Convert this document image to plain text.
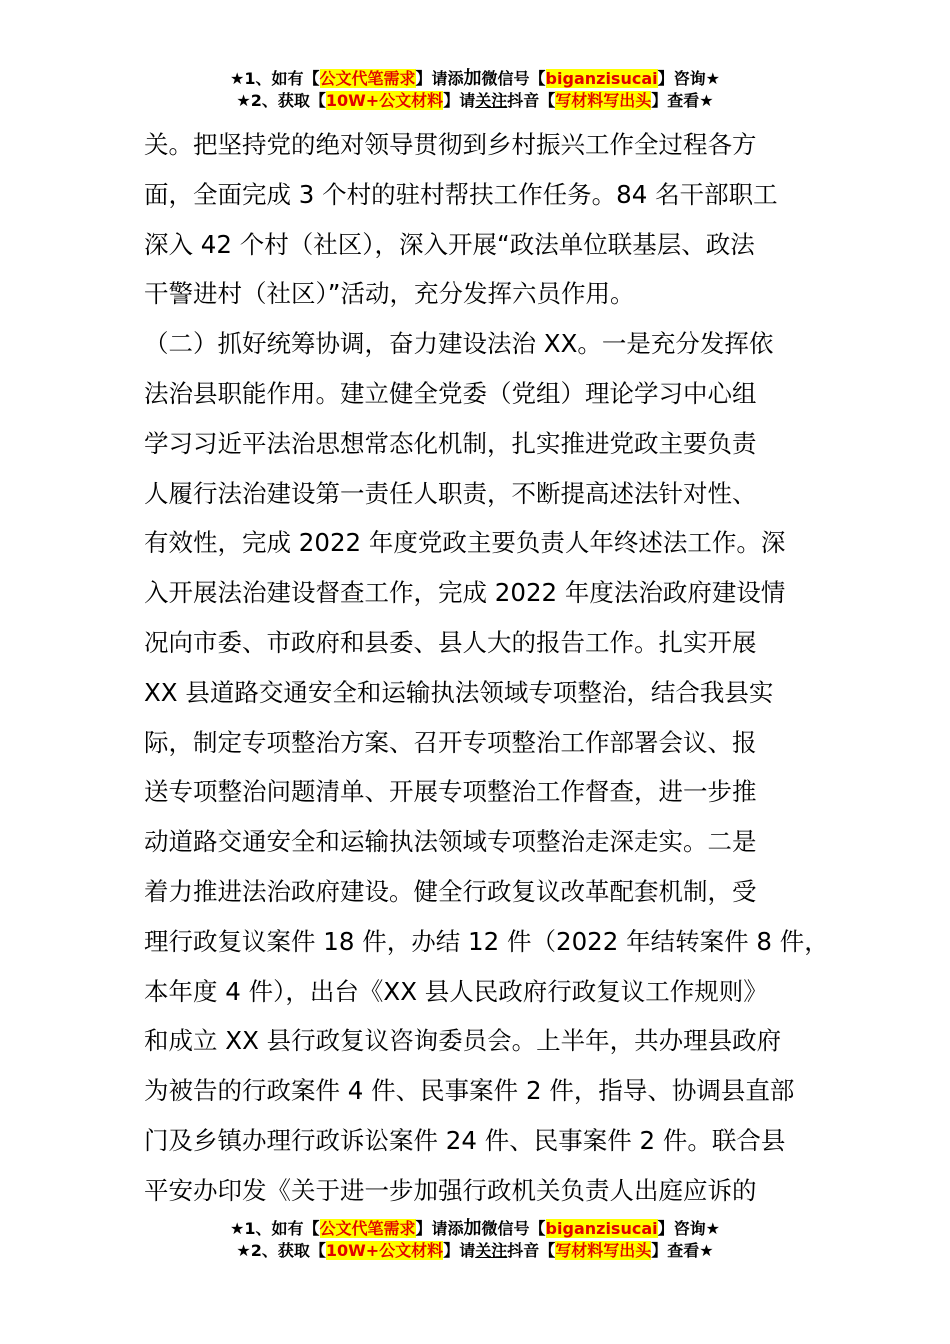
★1、如有【公文代笔需求】请添加微信号【biganzisucai】咨询★
★2、获取【10W+公文材料】请关注抖音【写材料写出头】查看★
关。把坚持党的绝对领导贯彻到乡村振兴工作全过程各方
面，全面完成 3 个村的驻村帮扶工作任务。84 名干部职工
深入 42 个村（社区），深入开展“政法单位联基层、政法
干警进村（社区）”活动，充分发挥六员作用。
（二）抓好统筹协调，奋力建设法治 XX。一是充分发挥依
法治县职能作用。建立健全党委（党组）理论学习中心组
学习习近平法治思想常态化机制，扎实推进党政主要负责
人履行法治建设第一责任人职责，不断提高述法针对性、
有效性，完成 2022 年度党政主要负责人年终述法工作。深
入开展法治建设督查工作，完成 2022 年度法治政府建设情
况向市委、市政府和县委、县人大的报告工作。扎实开展
XX 县道路交通安全和运输执法领域专项整治，结合我县实
际，制定专项整治方案、召开专项整治工作部署会议、报
送专项整治问题清单、开展专项整治工作督查，进一步推
动道路交通安全和运输执法领域专项整治走深走实。二是
着力推进法治政府建设。健全行政复议改革配套机制，受
理行政复议案件 18 件，办结 12 件（2022 年结转案件 8 件，
本年度 4 件），出台《XX 县人民政府行政复议工作规则》
和成立 XX 县行政复议咨询委员会。上半年，共办理县政府
为被告的行政案件 4 件、民事案件 2 件，指导、协调县直部
门及乡镇办理行政诉讼案件 24 件、民事案件 2 件。联合县
平安办印发《关于进一步加强行政机关负责人出庭应诉的
★1、如有【公文代笔需求】请添加微信号【biganzisucai】咨询★
★2、获取【10W+公文材料】请关注抖音【写材料写出头】查看★
